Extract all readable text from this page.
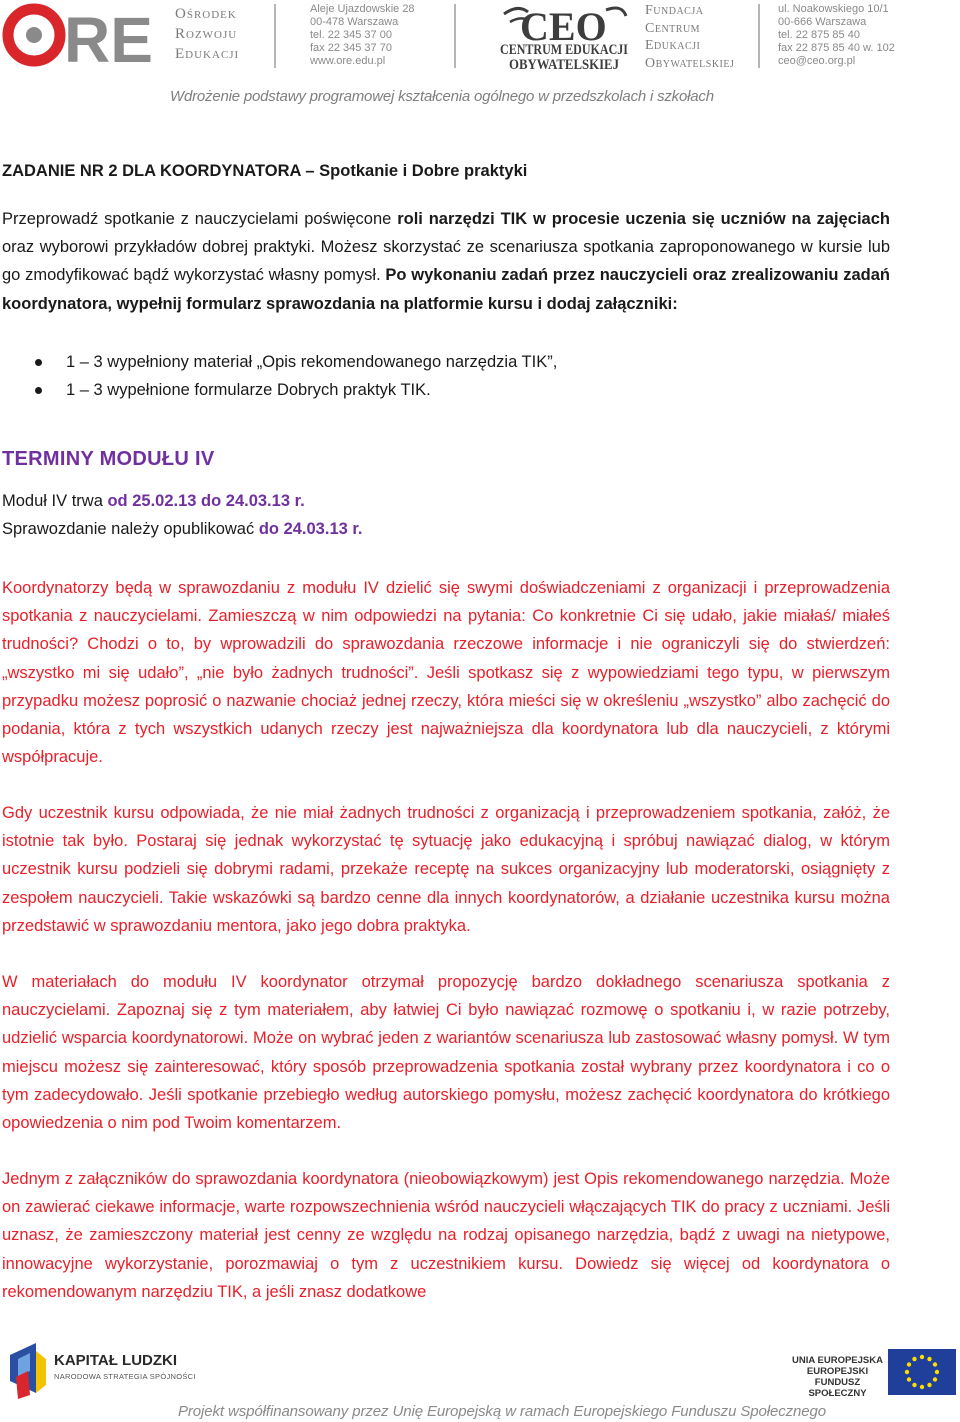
RE Ośrodek
Rozwoju
Edukacji
Aleje Ujazdowskie 28
00-478 Warszawa
tel. 22 345 37 00
fax 22 345 37 70
www.ore.edu.pl
CEO
CENTRUM EDUKACJI
OBYWATELSKIEJ
Fundacja
Centrum
Edukacji
Obywatelskiej
ul. Noakowskiego 10/1
00-666 Warszawa
tel. 22 875 85 40
fax 22 875 85 40 w. 102
ceo@ceo.org.pl
Wdrożenie podstawy programowej kształcenia ogólnego w przedszkolach i szkołach
ZADANIE NR 2 DLA KOORDYNATORA – Spotkanie i Dobre praktyki

Przeprowadź spotkanie z nauczycielami poświęcone roli narzędzi TIK w procesie uczenia się uczniów na zajęciach oraz wyborowi przykładów dobrej praktyki. Możesz skorzystać ze scenariusza spotkania zaproponowanego w kursie lub go zmodyfikować bądź wykorzystać własny pomysł. Po wykonaniu zadań przez nauczycieli oraz zrealizowaniu zadań koordynatora, wypełnij formularz sprawozdania na platformie kursu i dodaj załączniki:

1 – 3 wypełniony materiał „Opis rekomendowanego narzędzia TIK”,
1 – 3 wypełnione formularze Dobrych praktyk TIK.
TERMINY MODUŁU IV
Moduł IV trwa od 25.02.13 do 24.03.13 r.
Sprawozdanie należy opublikować do 24.03.13 r.

Koordynatorzy będą w sprawozdaniu z modułu IV dzielić się swymi doświadczeniami z organizacji i przeprowadzenia spotkania z nauczycielami. Zamieszczą w nim odpowiedzi na pytania: Co konkretnie Ci się udało, jakie miałaś/ miałeś trudności? Chodzi o to, by wprowadzili do sprawozdania rzeczowe informacje i nie ograniczyli się do stwierdzeń: „wszystko mi się udało”, „nie było żadnych trudności”. Jeśli spotkasz się z wypowiedziami tego typu, w pierwszym przypadku możesz poprosić o nazwanie chociaż jednej rzeczy, która mieści się w określeniu „wszystko” albo zachęcić do podania, która z tych wszystkich udanych rzeczy jest najważniejsza dla koordynatora lub dla nauczycieli, z którymi współpracuje.

Gdy uczestnik kursu odpowiada, że nie miał żadnych trudności z organizacją i przeprowadzeniem spotkania, załóż, że istotnie tak było. Postaraj się jednak wykorzystać tę sytuację jako edukacyjną i spróbuj nawiązać dialog, w którym uczestnik kursu podzieli się dobrymi radami, przekaże receptę na sukces organizacyjny lub moderatorski, osiągnięty z zespołem nauczycieli. Takie wskazówki są bardzo cenne dla innych koordynatorów, a działanie uczestnika kursu można przedstawić w sprawozdaniu mentora, jako jego dobra praktyka.

W materiałach do modułu IV koordynator otrzymał propozycję bardzo dokładnego scenariusza spotkania z nauczycielami. Zapoznaj się z tym materiałem, aby łatwiej Ci było nawiązać rozmowę o spotkaniu i, w razie potrzeby, udzielić wsparcia koordynatorowi. Może on wybrać jeden z wariantów scenariusza lub zastosować własny pomysł. W tym miejscu możesz się zainteresować, który sposób przeprowadzenia spotkania został wybrany przez koordynatora i co o tym zadecydowało. Jeśli spotkanie przebiegło według autorskiego pomysłu, możesz zachęcić koordynatora do krótkiego opowiedzenia o nim pod Twoim komentarzem.

Jednym z załączników do sprawozdania koordynatora (nieobowiązkowym) jest Opis rekomendowanego narzędzia. Może on zawierać ciekawe informacje, warte rozpowszechnienia wśród nauczycieli włączających TIK do pracy z uczniami. Jeśli uznasz, że zamieszczony materiał jest cenny ze względu na rodzaj opisanego narzędzia, bądź z uwagi na nietypowe, innowacyjne wykorzystanie, porozmawiaj o tym z uczestnikiem kursu. Dowiedz się więcej od koordynatora o rekomendowanym narzędziu TIK, a jeśli znasz dodatkowe

KAPITAŁ LUDZKI
NARODOWA STRATEGIA SPÓJNOŚCI
UNIA EUROPEJSKA
EUROPEJSKI
FUNDUSZ SPOŁECZNY
Projekt współfinansowany przez Unię Europejską w ramach Europejskiego Funduszu Społecznego
